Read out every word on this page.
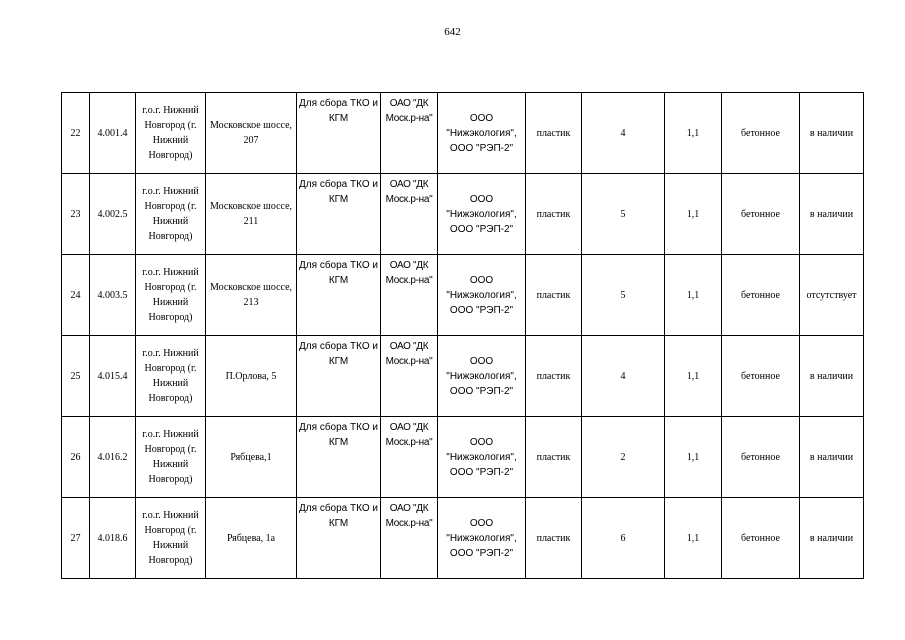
642
22	4.001.4	г.о.г. Нижний Новгород (г. Нижний Новгород)	Московское шоссе, 207	Для сбора ТКО и КГМ	ОАО "ДК Моск.р-на"	ООО "Нижэкология", ООО "РЭП-2"	пластик	4	1,1	бетонное	в наличии
23	4.002.5	г.о.г. Нижний Новгород (г. Нижний Новгород)	Московское шоссе, 211	Для сбора ТКО и КГМ	ОАО "ДК Моск.р-на"	ООО "Нижэкология", ООО "РЭП-2"	пластик	5	1,1	бетонное	в наличии
24	4.003.5	г.о.г. Нижний Новгород (г. Нижний Новгород)	Московское шоссе, 213	Для сбора ТКО и КГМ	ОАО "ДК Моск.р-на"	ООО "Нижэкология", ООО "РЭП-2"	пластик	5	1,1	бетонное	отсутствует
25	4.015.4	г.о.г. Нижний Новгород (г. Нижний Новгород)	П.Орлова, 5	Для сбора ТКО и КГМ	ОАО "ДК Моск.р-на"	ООО "Нижэкология", ООО "РЭП-2"	пластик	4	1,1	бетонное	в наличии
26	4.016.2	г.о.г. Нижний Новгород (г. Нижний Новгород)	Рябцева,1	Для сбора ТКО и КГМ	ОАО "ДК Моск.р-на"	ООО "Нижэкология", ООО "РЭП-2"	пластик	2	1,1	бетонное	в наличии
27	4.018.6	г.о.г. Нижний Новгород (г. Нижний Новгород)	Рябцева, 1а	Для сбора ТКО и КГМ	ОАО "ДК Моск.р-на"	ООО "Нижэкология", ООО "РЭП-2"	пластик	6	1,1	бетонное	в наличии
